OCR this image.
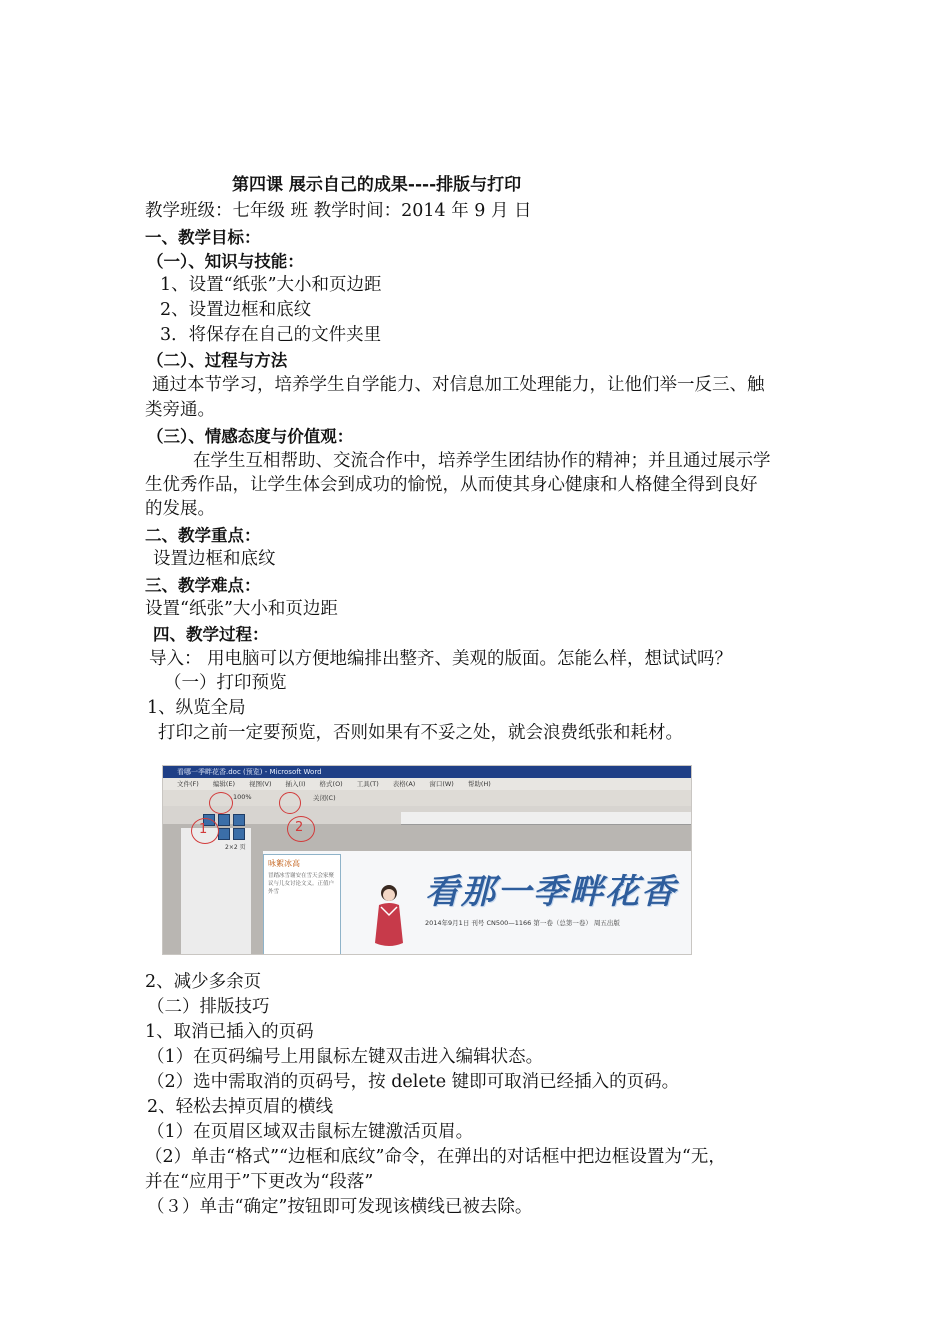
第四课 展示自己的成果----排版与打印
教学班级：七年级 班 教学时间：2014 年 9 月 日
一、教学目标：
（一）、知识与技能：
1、设置“纸张”大小和页边距
2、设置边框和底纹
3．将保存在自己的文件夹里
（二）、过程与方法
通过本节学习，培养学生自学能力、对信息加工处理能力，让他们举一反三、触
类旁通。
（三）、情感态度与价值观：
在学生互相帮助、交流合作中，培养学生团结协作的精神；并且通过展示学
生优秀作品，让学生体会到成功的愉悦，从而使其身心健康和人格健全得到良好
的发展。
二、教学重点：
设置边框和底纹
三、教学难点：
设置“纸张”大小和页边距
四、教学过程：
导入： 用电脑可以方便地编排出整齐、美观的版面。怎能么样，想试试吗？
（一）打印预览
1、纵览全局
打印之前一定要预览，否则如果有不妥之处，就会浪费纸张和耗材。
看哪一季畔花香.doc (预览) - Microsoft Word
文件(F) 编辑(E) 视图(V) 插入(I) 格式(O) 工具(T) 表格(A) 窗口(W) 帮助(H)
100%	关闭(C)
2×2 页
咏絮冰高
冒踏冰雪谢安在雪天会家聚议与儿女讨论文义。正值户外雪	看那一季畔花香
2014年9月1日 刊号 CN500—1166 第一卷（总第一卷） 周五出版
1	2
2、减少多余页
（二）排版技巧
1、取消已插入的页码
（1）在页码编号上用鼠标左键双击进入编辑状态。
（2）选中需取消的页码号，按 delete 键即可取消已经插入的页码。
2、轻松去掉页眉的横线
（1）在页眉区域双击鼠标左键激活页眉。
（2）单击“格式”“边框和底纹”命令，在弹出的对话框中把边框设置为“无，
并在“应用于”下更改为“段落”
（３）单击“确定”按钮即可发现该横线已被去除。
